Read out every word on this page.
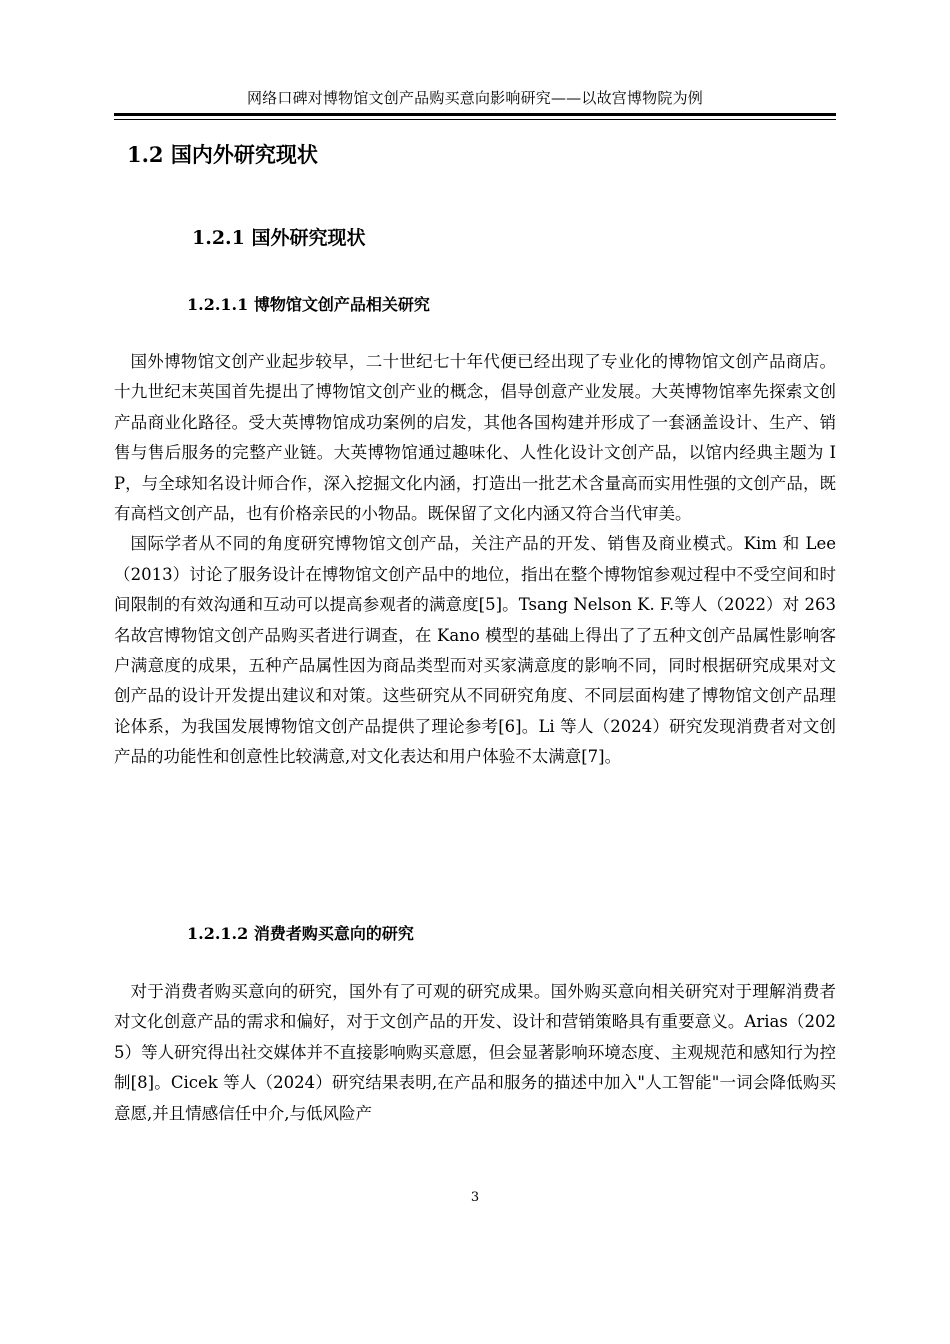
网络口碑对博物馆文创产品购买意向影响研究——以故宫博物院为例
1.2 国内外研究现状
1.2.1 国外研究现状
1.2.1.1 博物馆文创产品相关研究

国外博物馆文创产业起步较早，二十世纪七十年代便已经出现了专业化的博物馆文创产品商店。十九世纪末英国首先提出了博物馆文创产业的概念，倡导创意产业发展。大英博物馆率先探索文创产品商业化路径。受大英博物馆成功案例的启发，其他各国构建并形成了一套涵盖设计、生产、销售与售后服务的完整产业链。大英博物馆通过趣味化、人性化设计文创产品，以馆内经典主题为 IP，与全球知名设计师合作，深入挖掘文化内涵，打造出一批艺术含量高而实用性强的文创产品，既有高档文创产品，也有价格亲民的小物品。既保留了文化内涵又符合当代审美。

国际学者从不同的角度研究博物馆文创产品，关注产品的开发、销售及商业模式。Kim 和 Lee（2013）讨论了服务设计在博物馆文创产品中的地位，指出在整个博物馆参观过程中不受空间和时间限制的有效沟通和互动可以提高参观者的满意度[5]。Tsang Nelson K. F.等人（2022）对 263 名故宫博物馆文创产品购买者进行调查，在 Kano 模型的基础上得出了了五种文创产品属性影响客户满意度的成果，五种产品属性因为商品类型而对买家满意度的影响不同，同时根据研究成果对文创产品的设计开发提出建议和对策。这些研究从不同研究角度、不同层面构建了博物馆文创产品理论体系，为我国发展博物馆文创产品提供了理论参考[6]。Li 等人（2024）研究发现消费者对文创产品的功能性和创意性比较满意,对文化表达和用户体验不太满意[7]。

1.2.1.2 消费者购买意向的研究

对于消费者购买意向的研究，国外有了可观的研究成果。国外购买意向相关研究对于理解消费者对文化创意产品的需求和偏好，对于文创产品的开发、设计和营销策略具有重要意义。Arias（2025）等人研究得出社交媒体并不直接影响购买意愿，但会显著影响环境态度、主观规范和感知行为控制[8]。Cicek 等人（2024）研究结果表明,在产品和服务的描述中加入"人工智能"一词会降低购买意愿,并且情感信任中介,与低风险产

3
